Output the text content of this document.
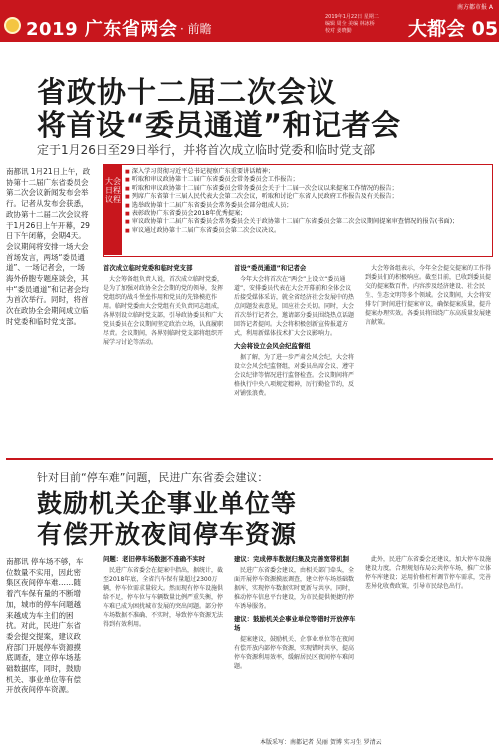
2019 广东省两会 · 前瞻
2019年1月22日 星期二
编辑 周全 美编 林冰桥
校对 姜晓勤	大都会 05
南方都市报 A
省政协十二届二次会议
将首设“委员通道”和记者会
定于1月26日至29日举行，并将首次成立临时党委和临时党支部
南都讯 1月21日上午，政协第十二届广东省委员会第二次会议新闻发布会举行。记者从发布会获悉，政协第十二届二次会议将于1月26日上午开幕，29日下午闭幕，会期4天。会议期间将安排一场大会首场发言，两场“委员通道”、一场记者会，一场海外侨胞专题座谈会，其中“委员通道”和记者会均为首次举行。同时，将首次在政协全会期间成立临时党委和临时党支部。
大会日程议程
■ 深入学习贯彻习近平总书记视察广东重要讲话精神；
■ 听取和审议政协第十二届广东省委员会常务委员会工作报告；
■ 听取和审议政协第十二届广东省委员会常务委员会关于十二届一次会议以来提案工作情况的报告；
■ 列席广东省第十三届人民代表大会第二次会议，听取和讨论广东省人民政府工作报告及有关报告；
■ 选举政协第十二届广东省委员会常务委员会部分组成人员；
■ 表彰政协广东省委员会2018年优秀提案；
■ 审议政协第十二届广东省委员会常务委员会关于政协第十二届广东省委员会第二次会议期间提案审查情况的报告(书面)；
■ 审议通过政协第十二届广东省委员会第二次会议决议。
首次成立临时党委和临时党支部

大会筹备组负责人说，首次成立临时党委，是为了加强对政协全会会期的党的领导，发挥党组织的战斗堡垒作用和党员的先锋模范作用。临时党委由大会党组有关负责同志组成，各界别设立临时党支部，引导政协委员和广大党员委员在会议期间坚定政治立场，认真履职尽责。会议期间，各界别临时党支部将组织开展学习讨论等活动。

首设“委员通道”和记者会

今年大会将首次在“两会”上设立“委员通道”，安排委员代表在大会开幕前和全体会议后接受媒体采访，就全省经济社会发展中的热点问题发表意见，回应社会关切。同时，大会首次举行记者会，邀请部分委员围绕热点话题回答记者提问。大会将积极创新宣传报道方式，利用新媒体技术扩大会议影响力。

大会将设立会风会纪监督组

据了解，为了进一步严肃会风会纪，大会将设立会风会纪监督组，对委员出席会议、遵守会议纪律等情况进行监督检查。会议期间将严格执行中央八项规定精神，厉行勤俭节约，反对铺张浪费。

大会筹备组表示，今年全会提交提案的工作得到委员们的积极响应。截至目前，已收到委员提交的提案数百件，内容涉及经济建设、社会民生、生态文明等多个领域。会议期间，大会将安排专门时间进行提案审议，确保提案质量，提升提案办理实效。各委员将围绕广东高质量发展建言献策。

针对目前“停车难”问题，民进广东省委会建议：
鼓励机关企事业单位等
有偿开放夜间停车资源
南都讯 停车场不够，车位数量不实用，因此密集区夜间停车难……随着汽车保有量的不断增加，城市的停车问题越来越成为车主们的困扰。对此，民进广东省委会提交提案，建议政府部门开展停车资源摸底调查，建立停车场基础数据库，同时，鼓励机关、事业单位等有偿开放夜间停车资源。
问题：老旧停车场数据不准确不实时

民进广东省委会在提案中指出，据统计，截至2018年底，全省汽车保有量超过2300万辆，停车位需求量较大。然而现有停车设施供给不足，停车位与车辆数量比例严重失衡，停车难已成为困扰城市发展的突出问题。部分停车场数据不准确、不实时，导致停车资源无法得到有效利用。

建议：完成停车数据归集及完善宽带机制

民进广东省委会建议，由相关部门牵头，全面开展停车资源摸底调查，建立停车场基础数据库，实现停车数据实时更新与共享。同时，推动停车信息平台建设，为市民提供便捷的停车诱导服务。

建议：鼓励机关企事业单位等错时开放停车场

提案建议，鼓励机关、企事业单位等在夜间有偿开放内部停车资源，实现错时共享，提高停车资源利用效率，缓解居民区夜间停车难问题。

此外，民进广东省委会还建议，加大停车设施建设力度，合理规划布局公共停车场，推广立体停车库建设；运用价格杠杆调节停车需求，完善差异化收费政策，引导市民绿色出行。

本版采写：南都记者 吴丽 贺博 实习生 罗清云
